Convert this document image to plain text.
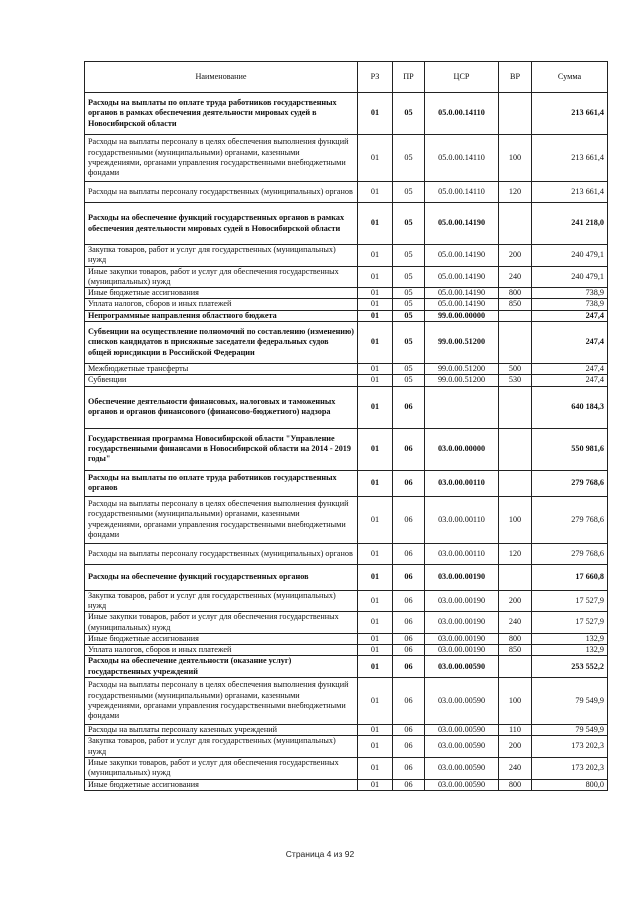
Наименование	РЗ	ПР	ЦСР	ВР	Сумма
Расходы на выплаты по оплате труда работников государственных органов в рамках обеспечения деятельности мировых судей в Новосибирской области	01	05	05.0.00.14110		213 661,4
Расходы на выплаты персоналу в целях обеспечения выполнения функций государственными (муниципальными) органами, казенными учреждениями, органами управления государственными внебюджетными фондами	01	05	05.0.00.14110	100	213 661,4
Расходы на выплаты персоналу государственных (муниципальных) органов	01	05	05.0.00.14110	120	213 661,4
Расходы на обеспечение функций государственных органов в рамках обеспечения деятельности мировых судей в Новосибирской области	01	05	05.0.00.14190		241 218,0
Закупка товаров, работ и услуг для государственных (муниципальных) нужд	01	05	05.0.00.14190	200	240 479,1
Иные закупки товаров, работ и услуг для обеспечения государственных (муниципальных) нужд	01	05	05.0.00.14190	240	240 479,1
Иные бюджетные ассигнования	01	05	05.0.00.14190	800	738,9
Уплата налогов, сборов и иных платежей	01	05	05.0.00.14190	850	738,9
Непрограммные направления областного бюджета	01	05	99.0.00.00000		247,4
Субвенции на осуществление полномочий по составлению (изменению) списков кандидатов в присяжные заседатели федеральных судов общей юрисдикции в Российской Федерации	01	05	99.0.00.51200		247,4
Межбюджетные трансферты	01	05	99.0.00.51200	500	247,4
Субвенции	01	05	99.0.00.51200	530	247,4
Обеспечение деятельности финансовых, налоговых и таможенных органов и органов финансового (финансово-бюджетного) надзора	01	06			640 184,3
Государственная программа Новосибирской области "Управление государственными финансами в Новосибирской области на 2014 - 2019 годы"	01	06	03.0.00.00000		550 981,6
Расходы на выплаты по оплате труда работников государственных органов	01	06	03.0.00.00110		279 768,6
Расходы на выплаты персоналу в целях обеспечения выполнения функций государственными (муниципальными) органами, казенными учреждениями, органами управления государственными внебюджетными фондами	01	06	03.0.00.00110	100	279 768,6
Расходы на выплаты персоналу государственных (муниципальных) органов	01	06	03.0.00.00110	120	279 768,6
Расходы на обеспечение функций государственных органов	01	06	03.0.00.00190		17 660,8
Закупка товаров, работ и услуг для государственных (муниципальных) нужд	01	06	03.0.00.00190	200	17 527,9
Иные закупки товаров, работ и услуг для обеспечения государственных (муниципальных) нужд	01	06	03.0.00.00190	240	17 527,9
Иные бюджетные ассигнования	01	06	03.0.00.00190	800	132,9
Уплата налогов, сборов и иных платежей	01	06	03.0.00.00190	850	132,9
Расходы на обеспечение деятельности (оказание услуг) государственных учреждений	01	06	03.0.00.00590		253 552,2
Расходы на выплаты персоналу в целях обеспечения выполнения функций государственными (муниципальными) органами, казенными учреждениями, органами управления государственными внебюджетными фондами	01	06	03.0.00.00590	100	79 549,9
Расходы на выплаты персоналу казенных учреждений	01	06	03.0.00.00590	110	79 549,9
Закупка товаров, работ и услуг для государственных (муниципальных) нужд	01	06	03.0.00.00590	200	173 202,3
Иные закупки товаров, работ и услуг для обеспечения государственных (муниципальных) нужд	01	06	03.0.00.00590	240	173 202,3
Иные бюджетные ассигнования	01	06	03.0.00.00590	800	800,0
Страница 4 из 92
